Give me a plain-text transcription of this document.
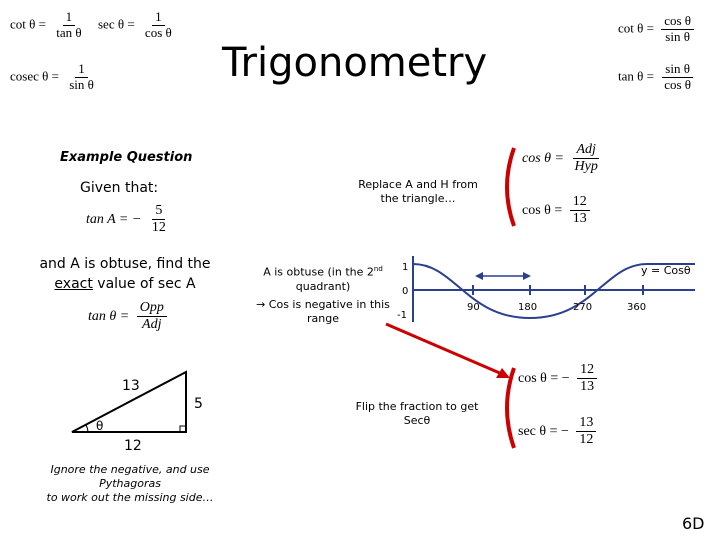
$\cot \theta = \frac{1}{\text{tan θ}}$ $\sec \theta = \frac{1}{\text{cos θ}}$
cosec $\theta = \frac{1}{\text{sin θ}}$	Trigonometry
$\cot \theta = \frac{\text{cos θ}}{\text{sin θ}}$
$\tan \theta = \frac{\text{sin θ}}{\text{cos θ}}$
Example Question
Given that:
tan A = − $\frac{5}{12}$
and A is obtuse, find the
exact value of sec A
$\tan \theta = \frac{\text{Opp}}{\text{Adj}}$
13
5
12
θ
Ignore the negative, and use Pythagoras
to work out the missing side…
Replace A and H from
the triangle…
A is obtuse (in the 2nd
quadrant)
→ Cos is negative in this
range
Flip the fraction to get
Secθ
$\cos \theta = \frac{\text{Adj}}{\text{Hyp}}$
$\cos \theta = \frac{12}{13}$
cos θ = − $\frac{12}{13}$
sec θ = − $\frac{13}{12}$
1
0
-1
90	180	270	360
y = Cosθ
6D
